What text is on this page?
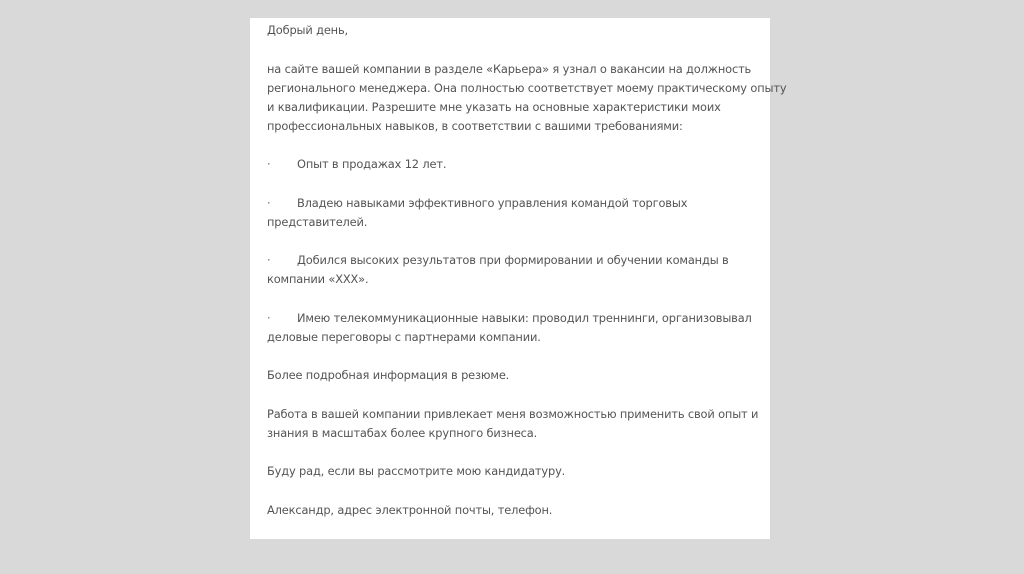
Добрый день,
на сайте вашей компании в разделе «Карьера» я узнал о вакансии на должность
регионального менеджера. Она полностью соответствует моему практическому опыту
и квалификации. Разрешите мне указать на основные характеристики моих
профессиональных навыков, в соответствии с вашими требованиями:
· Опыт в продажах 12 лет.
· Владею навыками эффективного управления командой торговых
представителей.
· Добился высоких результатов при формировании и обучении команды в
компании «ХХХ».
· Имею телекоммуникационные навыки: проводил треннинги, организовывал
деловые переговоры с партнерами компании.
Более подробная информация в резюме.
Работа в вашей компании привлекает меня возможностью применить свой опыт и
знания в масштабах более крупного бизнеса.
Буду рад, если вы рассмотрите мою кандидатуру.
Александр, адрес электронной почты, телефон.
